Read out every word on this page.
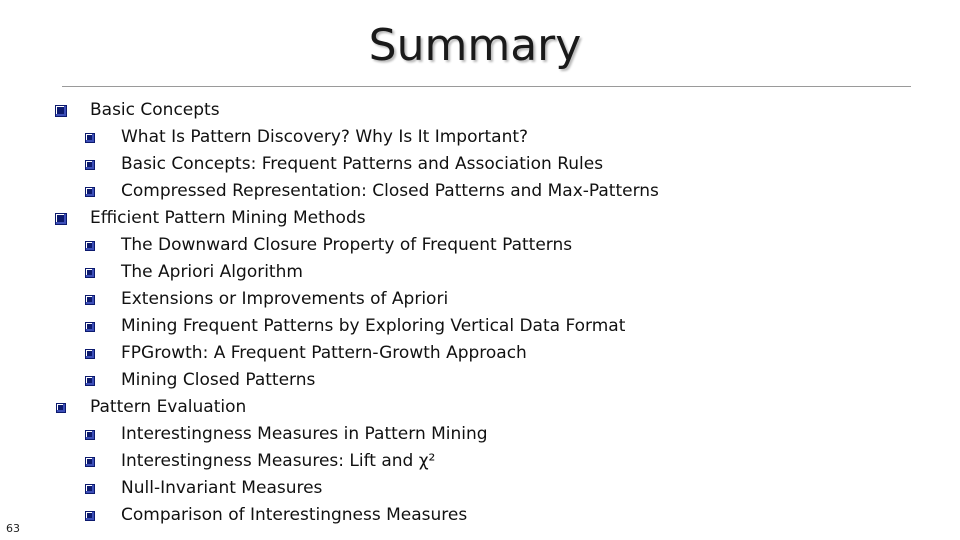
Summary
Basic Concepts
What Is Pattern Discovery? Why Is It Important?
Basic Concepts: Frequent Patterns and Association Rules
Compressed Representation: Closed Patterns and Max-Patterns
Efficient Pattern Mining Methods
The Downward Closure Property of Frequent Patterns
The Apriori Algorithm
Extensions or Improvements of Apriori
Mining Frequent Patterns by Exploring Vertical Data Format
FPGrowth: A Frequent Pattern-Growth Approach
Mining Closed Patterns
Pattern Evaluation
Interestingness Measures in Pattern Mining
Interestingness Measures: Lift and χ²
Null-Invariant Measures
Comparison of Interestingness Measures
63
